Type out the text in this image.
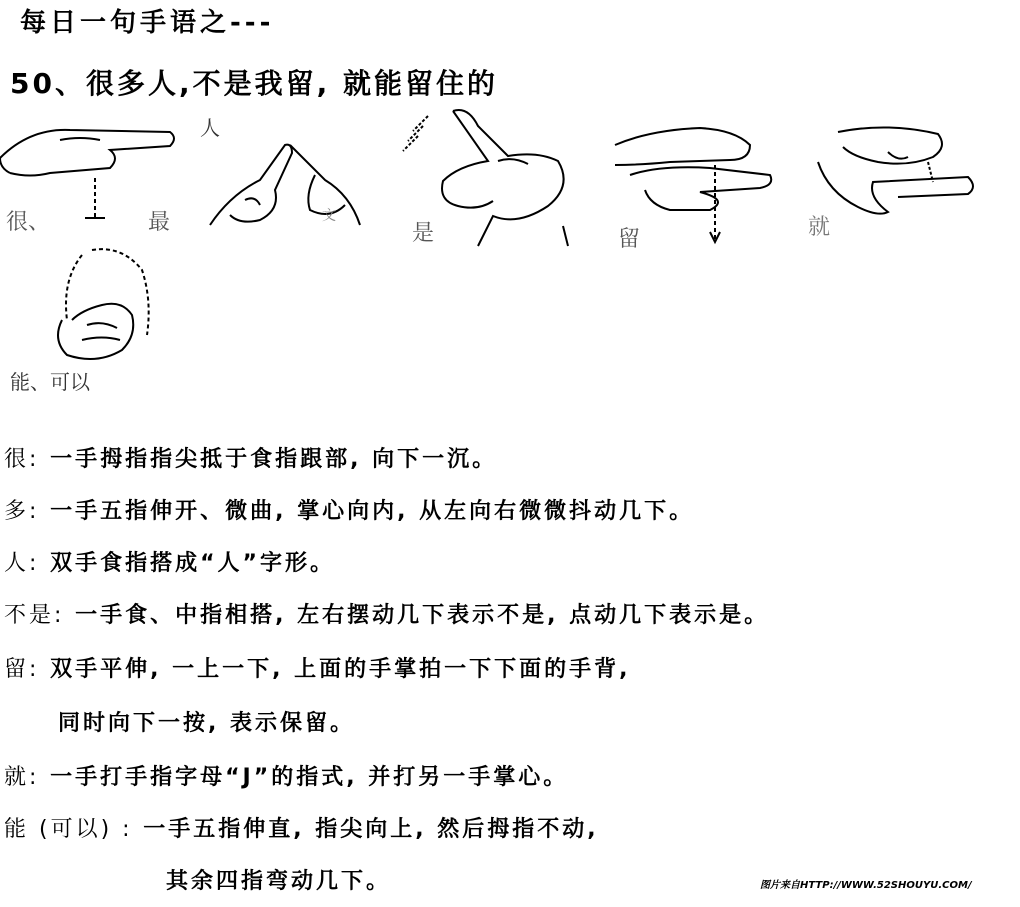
每日一句手语之---
50、很多人,不是我留, 就能留住的
很、	最
人
文
是	留	就
能、可以
很: 一手拇指指尖抵于食指跟部, 向下一沉。
多: 一手五指伸开、微曲, 掌心向内, 从左向右微微抖动几下。
人: 双手食指搭成“人”字形。
不是: 一手食、中指相搭, 左右摆动几下表示不是, 点动几下表示是。
留: 双手平伸, 一上一下, 上面的手掌拍一下下面的手背,
同时向下一按, 表示保留。
就: 一手打手指字母“J”的指式, 并打另一手掌心。
能 (可以) : 一手五指伸直, 指尖向上, 然后拇指不动,
其余四指弯动几下。	图片来自HTTP://WWW.52SHOUYU.COM/
